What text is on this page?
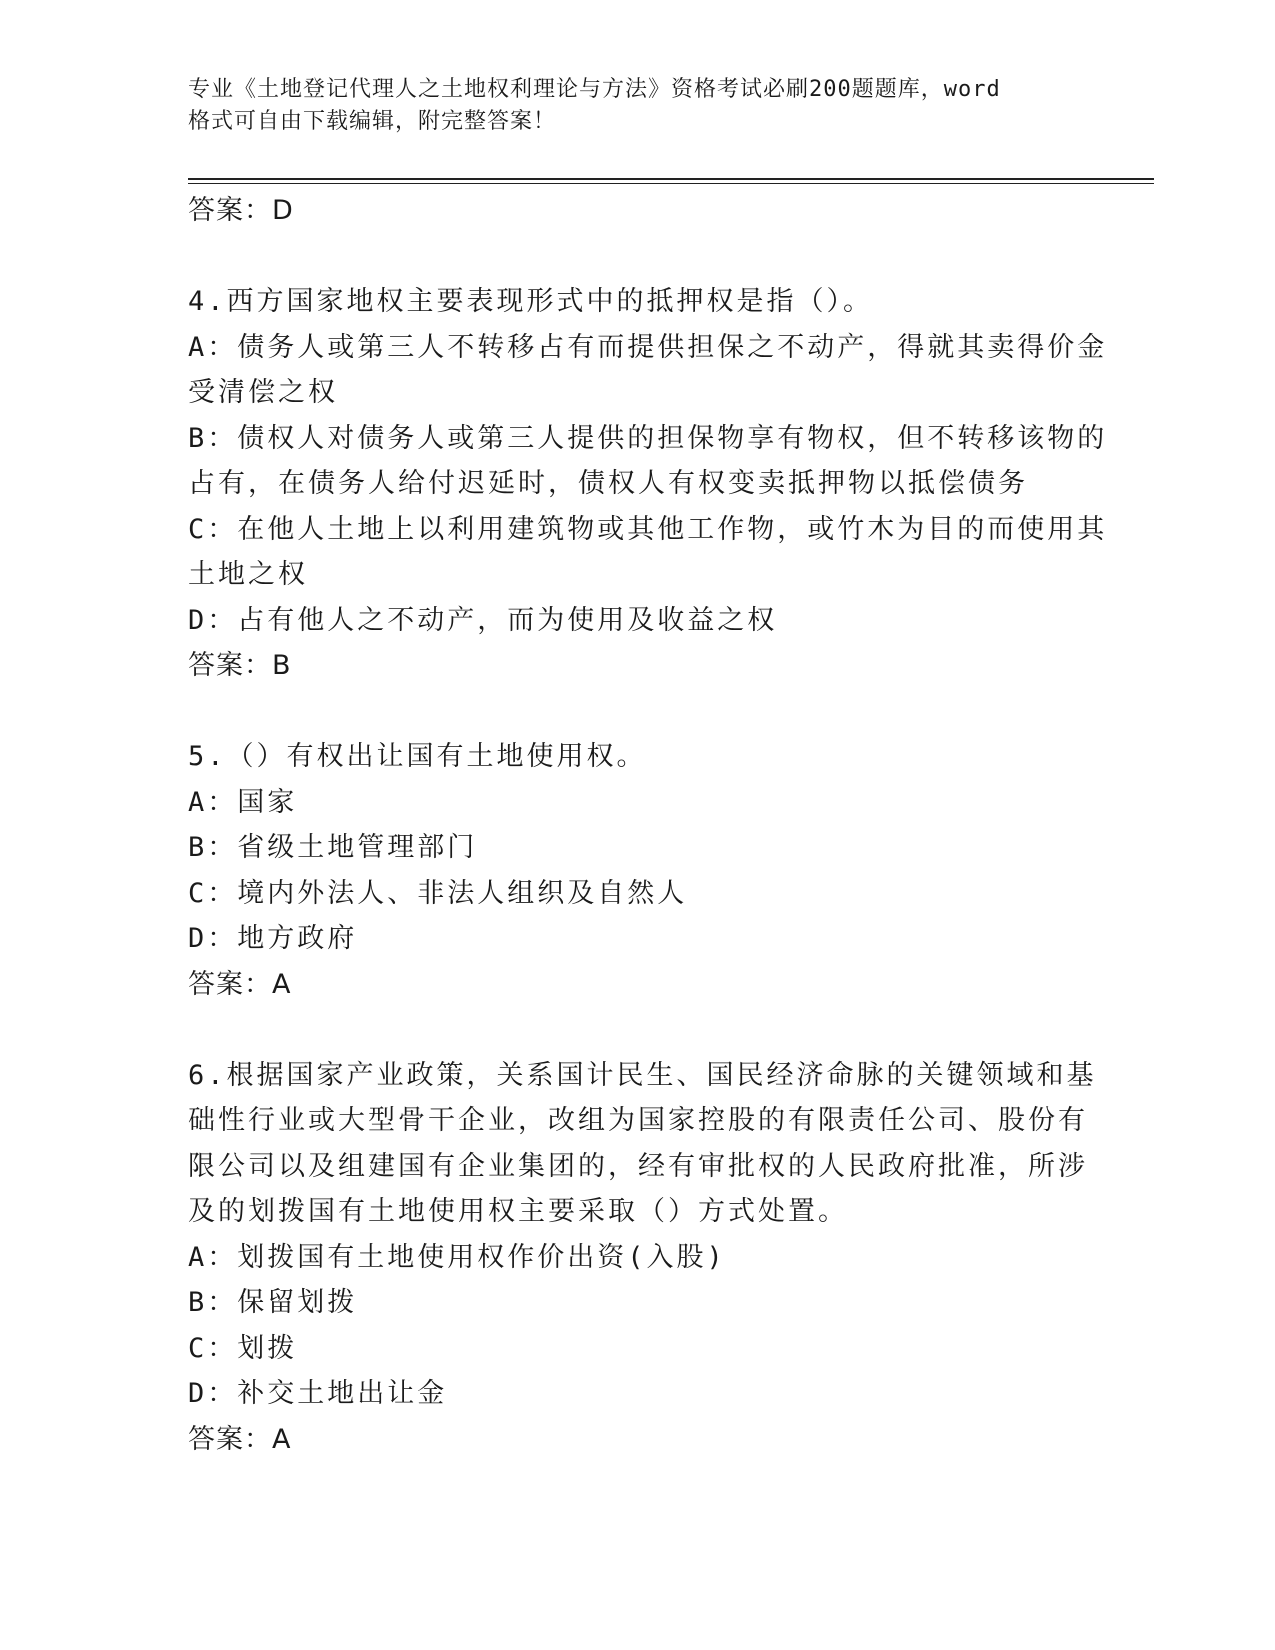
专业《土地登记代理人之土地权利理论与方法》资格考试必刷200题题库，word
格式可自由下载编辑，附完整答案！
答案：D
4.西方国家地权主要表现形式中的抵押权是指（）。
A：债务人或第三人不转移占有而提供担保之不动产，得就其卖得价金
受清偿之权
B：债权人对债务人或第三人提供的担保物享有物权，但不转移该物的
占有，在债务人给付迟延时，债权人有权变卖抵押物以抵偿债务
C：在他人土地上以利用建筑物或其他工作物，或竹木为目的而使用其
土地之权
D：占有他人之不动产，而为使用及收益之权
答案：B
5.（）有权出让国有土地使用权。
A：国家
B：省级土地管理部门
C：境内外法人、非法人组织及自然人
D：地方政府
答案：A
6.根据国家产业政策，关系国计民生、国民经济命脉的关键领域和基
础性行业或大型骨干企业，改组为国家控股的有限责任公司、股份有
限公司以及组建国有企业集团的，经有审批权的人民政府批准，所涉
及的划拨国有土地使用权主要采取（）方式处置。
A：划拨国有土地使用权作价出资(入股)
B：保留划拨
C：划拨
D：补交土地出让金
答案：A
